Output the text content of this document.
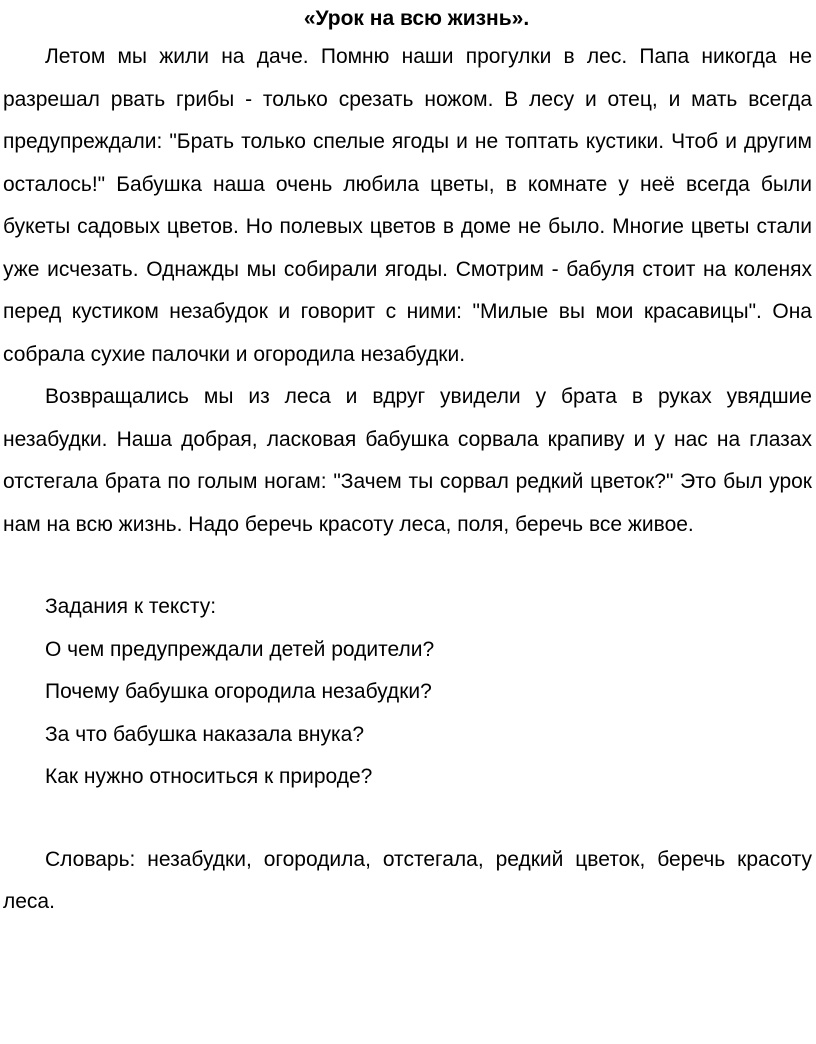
«Урок на всю жизнь».

Летом мы жили на даче. Помню наши прогулки в лес. Папа никогда не разрешал рвать грибы - только срезать ножом. В лесу и отец, и мать всегда предупреждали: "Брать только спелые ягоды и не топтать кустики. Чтоб и другим осталось!" Бабушка наша очень любила цветы, в комнате у неё всегда были букеты садовых цветов. Но полевых цветов в доме не было. Многие цветы стали уже исчезать. Однажды мы собирали ягоды. Смотрим - бабуля стоит на коленях перед кустиком незабудок и говорит с ними: "Милые вы мои красавицы". Она собрала сухие палочки и огородила незабудки.

Возвращались мы из леса и вдруг увидели у брата в руках увядшие незабудки. Наша добрая, ласковая бабушка сорвала крапиву и у нас на глазах отстегала брата по голым ногам: "Зачем ты сорвал редкий цветок?" Это был урок нам на всю жизнь. Надо беречь красоту леса, поля, беречь все живое.

Задания к тексту:

О чем предупреждали детей родители?

Почему бабушка огородила незабудки?

За что бабушка наказала внука?

Как нужно относиться к природе?

Словарь: незабудки, огородила, отстегала, редкий цветок, беречь красоту леса.
